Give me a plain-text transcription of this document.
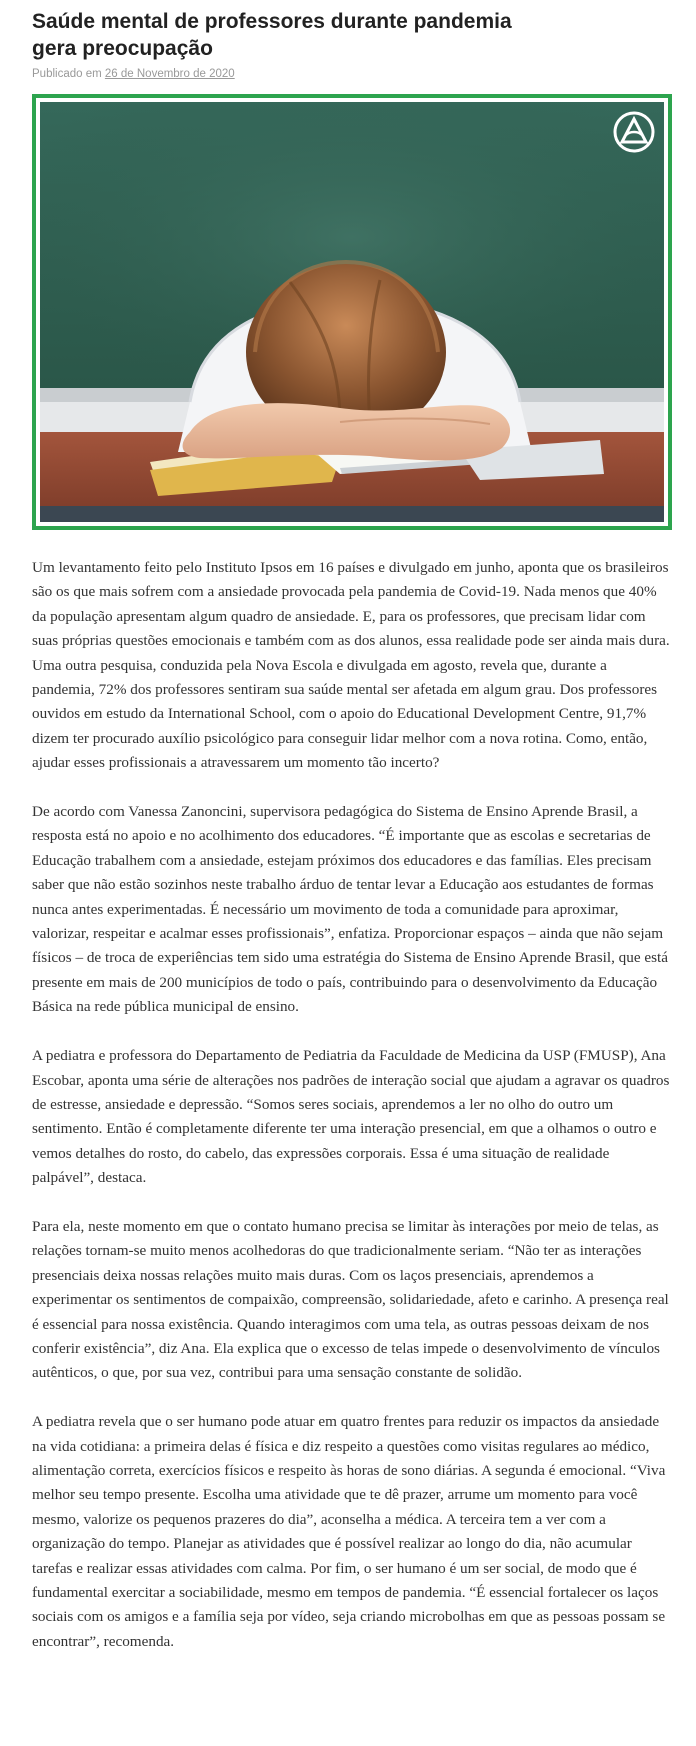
Saúde mental de professores durante pandemia gera preocupação
Publicado em 26 de Novembro de 2020

Um levantamento feito pelo Instituto Ipsos em 16 países e divulgado em junho, aponta que os brasileiros são os que mais sofrem com a ansiedade provocada pela pandemia de Covid-19. Nada menos que 40% da população apresentam algum quadro de ansiedade. E, para os professores, que precisam lidar com suas próprias questões emocionais e também com as dos alunos, essa realidade pode ser ainda mais dura. Uma outra pesquisa, conduzida pela Nova Escola e divulgada em agosto, revela que, durante a pandemia, 72% dos professores sentiram sua saúde mental ser afetada em algum grau. Dos professores ouvidos em estudo da International School, com o apoio do Educational Development Centre, 91,7% dizem ter procurado auxílio psicológico para conseguir lidar melhor com a nova rotina. Como, então, ajudar esses profissionais a atravessarem um momento tão incerto?

De acordo com Vanessa Zanoncini, supervisora pedagógica do Sistema de Ensino Aprende Brasil, a resposta está no apoio e no acolhimento dos educadores. “É importante que as escolas e secretarias de Educação trabalhem com a ansiedade, estejam próximos dos educadores e das famílias. Eles precisam saber que não estão sozinhos neste trabalho árduo de tentar levar a Educação aos estudantes de formas nunca antes experimentadas. É necessário um movimento de toda a comunidade para aproximar, valorizar, respeitar e acalmar esses profissionais”, enfatiza. Proporcionar espaços – ainda que não sejam físicos – de troca de experiências tem sido uma estratégia do Sistema de Ensino Aprende Brasil, que está presente em mais de 200 municípios de todo o país, contribuindo para o desenvolvimento da Educação Básica na rede pública municipal de ensino.

A pediatra e professora do Departamento de Pediatria da Faculdade de Medicina da USP (FMUSP), Ana Escobar, aponta uma série de alterações nos padrões de interação social que ajudam a agravar os quadros de estresse, ansiedade e depressão. “Somos seres sociais, aprendemos a ler no olho do outro um sentimento. Então é completamente diferente ter uma interação presencial, em que a olhamos o outro e vemos detalhes do rosto, do cabelo, das expressões corporais. Essa é uma situação de realidade palpável”, destaca.

Para ela, neste momento em que o contato humano precisa se limitar às interações por meio de telas, as relações tornam-se muito menos acolhedoras do que tradicionalmente seriam. “Não ter as interações presenciais deixa nossas relações muito mais duras. Com os laços presenciais, aprendemos a experimentar os sentimentos de compaixão, compreensão, solidariedade, afeto e carinho. A presença real é essencial para nossa existência. Quando interagimos com uma tela, as outras pessoas deixam de nos conferir existência”, diz Ana. Ela explica que o excesso de telas impede o desenvolvimento de vínculos autênticos, o que, por sua vez, contribui para uma sensação constante de solidão.

A pediatra revela que o ser humano pode atuar em quatro frentes para reduzir os impactos da ansiedade na vida cotidiana: a primeira delas é física e diz respeito a questões como visitas regulares ao médico, alimentação correta, exercícios físicos e respeito às horas de sono diárias. A segunda é emocional. “Viva melhor seu tempo presente. Escolha uma atividade que te dê prazer, arrume um momento para você mesmo, valorize os pequenos prazeres do dia”, aconselha a médica. A terceira tem a ver com a organização do tempo. Planejar as atividades que é possível realizar ao longo do dia, não acumular tarefas e realizar essas atividades com calma. Por fim, o ser humano é um ser social, de modo que é fundamental exercitar a sociabilidade, mesmo em tempos de pandemia. “É essencial fortalecer os laços sociais com os amigos e a família seja por vídeo, seja criando microbolhas em que as pessoas possam se encontrar”, recomenda.
